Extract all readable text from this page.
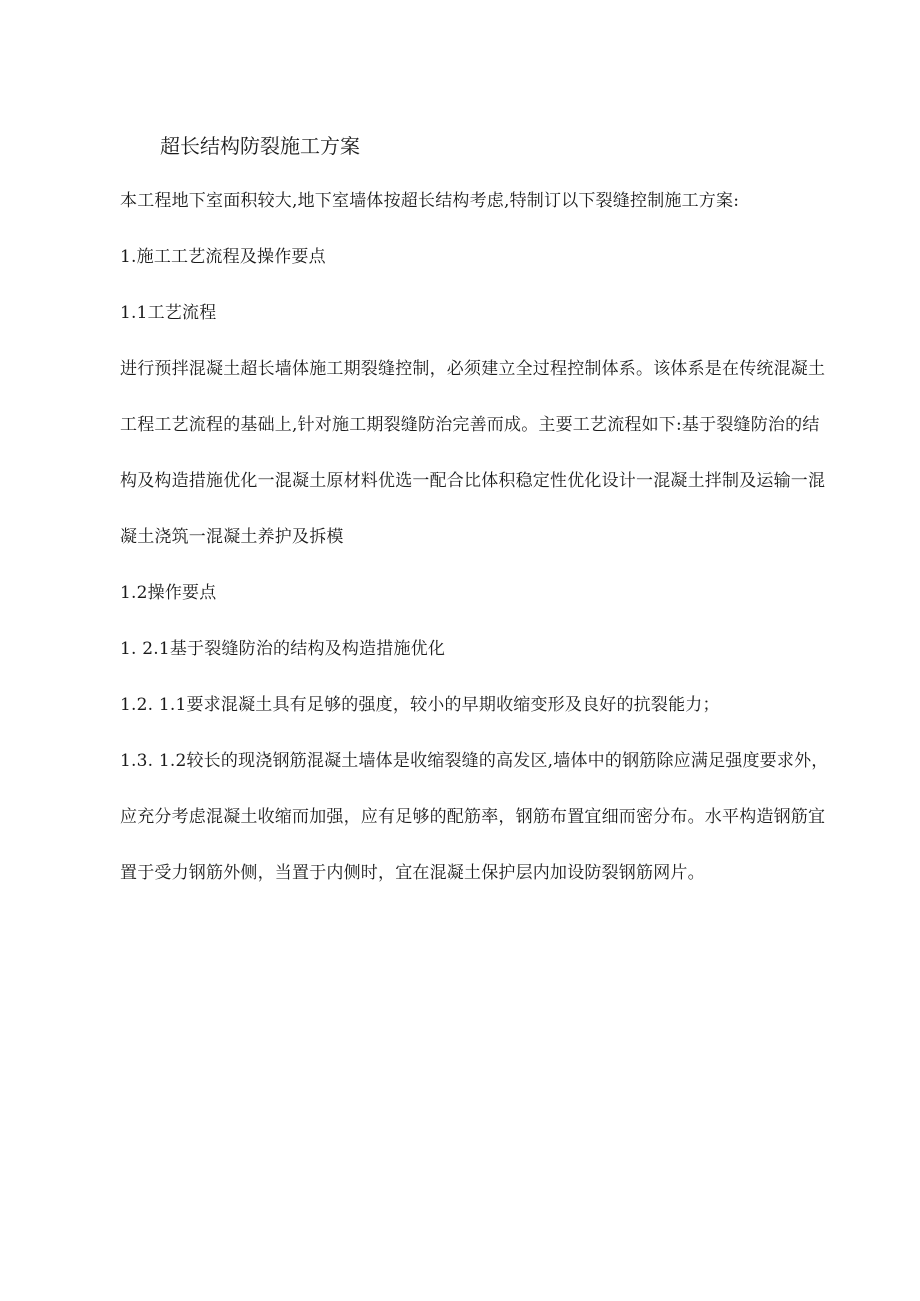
超长结构防裂施工方案
本工程地下室面积较大,地下室墙体按超长结构考虑,特制订以下裂缝控制施工方案:
1.施工工艺流程及操作要点
1.1工艺流程
进行预拌混凝土超长墙体施工期裂缝控制，必须建立全过程控制体系。该体系是在传统混凝土
工程工艺流程的基础上,针对施工期裂缝防治完善而成。主要工艺流程如下:基于裂缝防治的结
构及构造措施优化一混凝土原材料优选一配合比体积稳定性优化设计一混凝土拌制及运输一混
凝土浇筑一混凝土养护及拆模
1.2操作要点
1. 2.1基于裂缝防治的结构及构造措施优化
1.2. 1.1要求混凝土具有足够的强度，较小的早期收缩变形及良好的抗裂能力；
1.3. 1.2较长的现浇钢筋混凝土墙体是收缩裂缝的高发区,墙体中的钢筋除应满足强度要求外，
应充分考虑混凝土收缩而加强，应有足够的配筋率，钢筋布置宜细而密分布。水平构造钢筋宜
置于受力钢筋外侧，当置于内侧时，宜在混凝土保护层内加设防裂钢筋网片。
